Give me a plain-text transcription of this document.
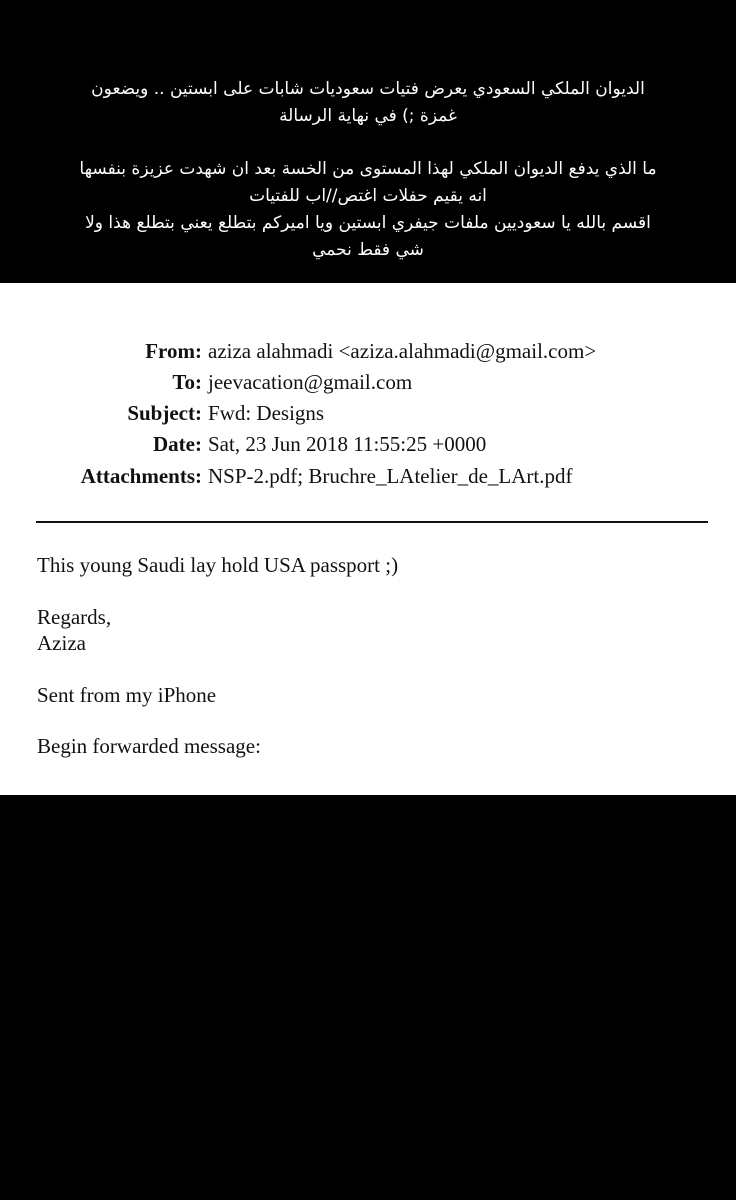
الديوان الملكي السعودي يعرض فتيات سعوديات شابات على ابستين .. ويضعون

غمزة ;) في نهاية الرسالة

ما الذي يدفع الديوان الملكي لهذا المستوى من الخسة بعد ان شهدت عزيزة بنفسها

انه يقيم حفلات اغتص//اب للفتيات

اقسم بالله يا سعوديين ملفات جيفري ابستين ويا اميركم بتطلع يعني بتطلع هذا ولا

شي فقط نحمي

From: aziza alahmadi <aziza.alahmadi@gmail.com>
To: jeevacation@gmail.com
Subject: Fwd: Designs
Date: Sat, 23 Jun 2018 11:55:25 +0000
Attachments: NSP-2.pdf; Bruchre_LAtelier_de_LArt.pdf
This young Saudi lay hold USA passport ;)
Regards,
Aziza
Sent from my iPhone
Begin forwarded message:
